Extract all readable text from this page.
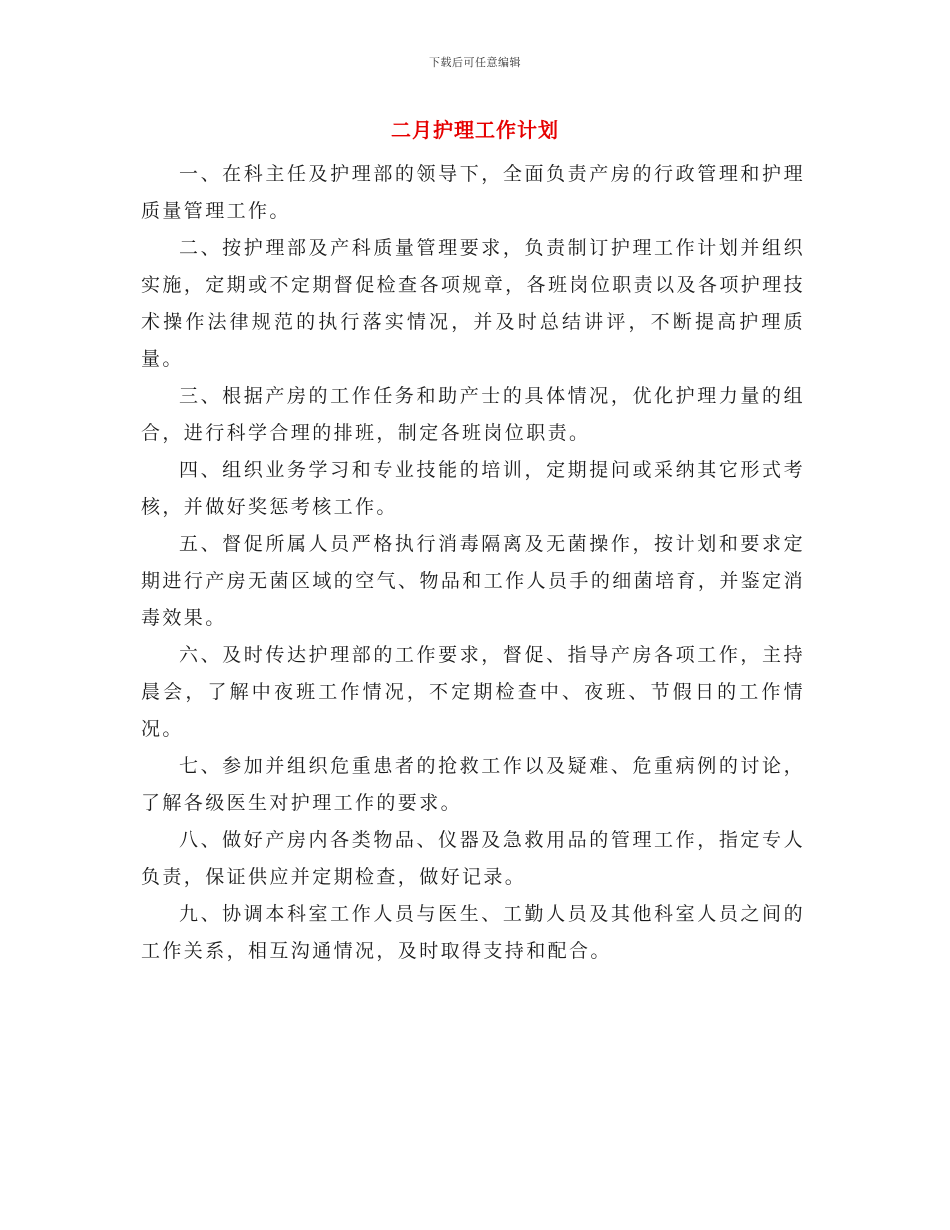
下载后可任意编辑
二月护理工作计划

一、在科主任及护理部的领导下，全面负责产房的行政管理和护理质量管理工作。

二、按护理部及产科质量管理要求，负责制订护理工作计划并组织实施，定期或不定期督促检查各项规章，各班岗位职责以及各项护理技术操作法律规范的执行落实情况，并及时总结讲评，不断提高护理质量。

三、根据产房的工作任务和助产士的具体情况，优化护理力量的组合，进行科学合理的排班，制定各班岗位职责。

四、组织业务学习和专业技能的培训，定期提问或采纳其它形式考核，并做好奖惩考核工作。

五、督促所属人员严格执行消毒隔离及无菌操作，按计划和要求定期进行产房无菌区域的空气、物品和工作人员手的细菌培育，并鉴定消毒效果。

六、及时传达护理部的工作要求，督促、指导产房各项工作，主持晨会，了解中夜班工作情况，不定期检查中、夜班、节假日的工作情况。

七、参加并组织危重患者的抢救工作以及疑难、危重病例的讨论，了解各级医生对护理工作的要求。

八、做好产房内各类物品、仪器及急救用品的管理工作，指定专人负责，保证供应并定期检查，做好记录。

九、协调本科室工作人员与医生、工勤人员及其他科室人员之间的工作关系，相互沟通情况，及时取得支持和配合。
